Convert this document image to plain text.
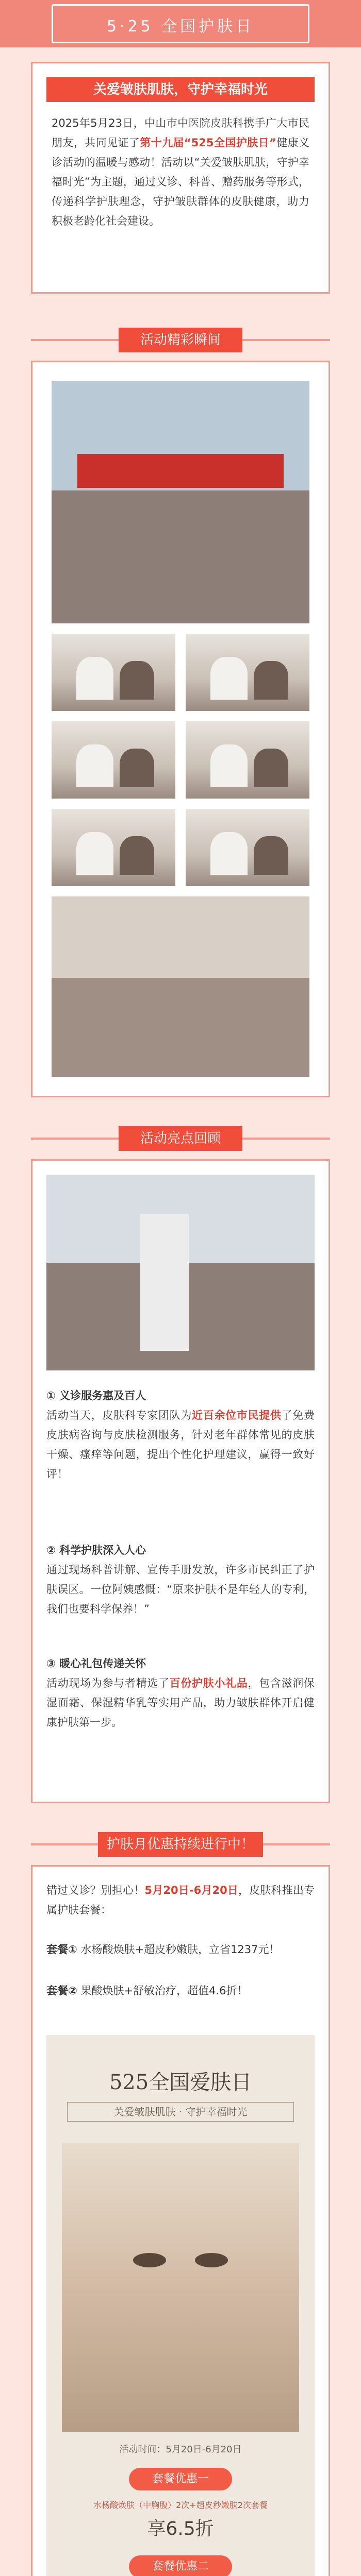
5·25 全国护肤日
关爱皱肤肌肤，守护幸福时光
2025年5月23日，中山市中医院皮肤科携手广大市民朋友，共同见证了第十九届“525全国护肤日”健康义诊活动的温暖与感动！活动以“关爱皱肤肌肤，守护幸福时光”为主题，通过义诊、科普、赠药服务等形式，传递科学护肤理念，守护皱肤群体的皮肤健康，助力积极老龄化社会建设。
活动精彩瞬间
活动亮点回顾
① 义诊服务惠及百人
活动当天，皮肤科专家团队为近百余位市民提供了免费皮肤病咨询与皮肤检测服务，针对老年群体常见的皮肤干燥、瘙痒等问题，提出个性化护理建议，赢得一致好评！
② 科学护肤深入人心
通过现场科普讲解、宣传手册发放，许多市民纠正了护肤误区。一位阿姨感慨：“原来护肤不是年轻人的专利，我们也要科学保养！”
③ 暖心礼包传递关怀
活动现场为参与者精选了百份护肤小礼品，包含滋润保湿面霜、保湿精华乳等实用产品，助力皱肤群体开启健康护肤第一步。
护肤月优惠持续进行中！
错过义诊？别担心！5月20日-6月20日，皮肤科推出专属护肤套餐：
套餐① 水杨酸焕肤+超皮秒嫩肤，立省1237元！
套餐② 果酸焕肤+舒敏治疗，超值4.6折！
525全国爱肤日
关爱皱肤肌肤 · 守护幸福时光
活动时间：5月20日-6月20日
套餐优惠一
水杨酸焕肤（中胸腹）2次+超皮秒嫩肤2次套餐
享6.5折
套餐优惠二
